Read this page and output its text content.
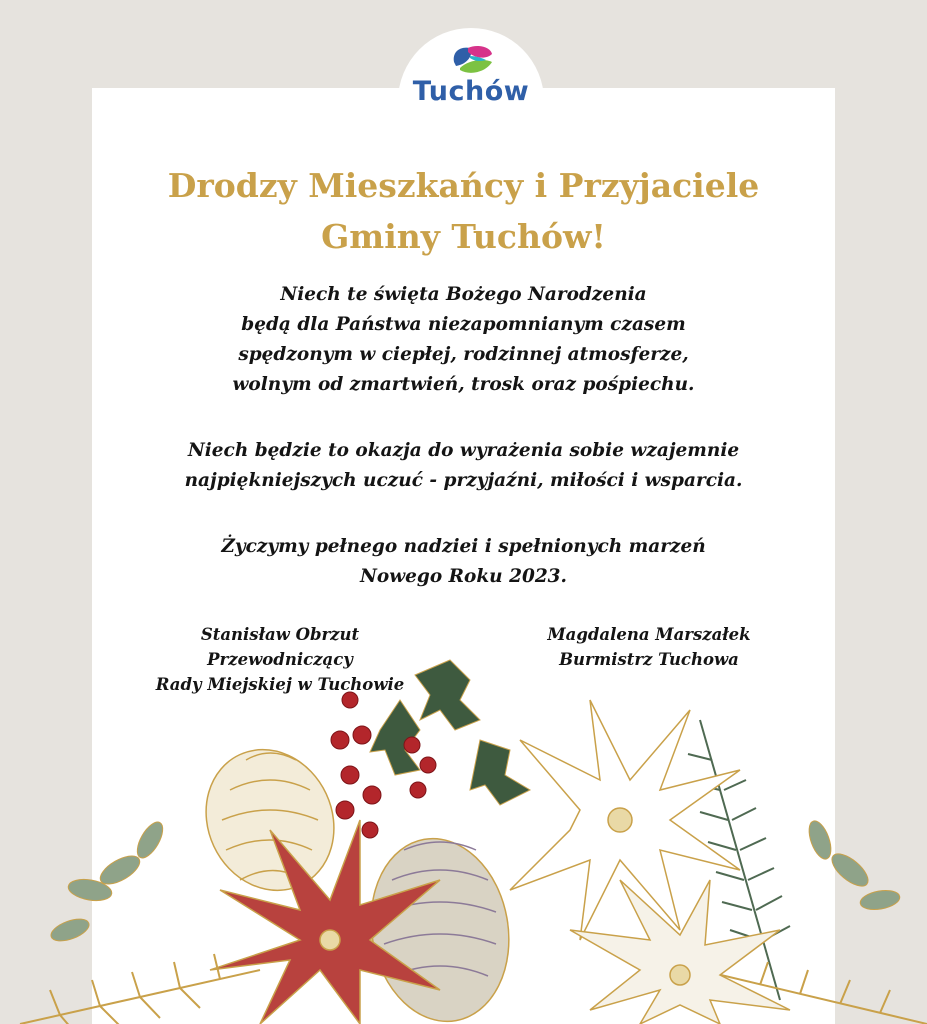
Tuchów
Drodzy Mieszkańcy i Przyjaciele
Gminy Tuchów!

Niech te święta Bożego Narodzenia
będą dla Państwa niezapomnianym czasem
spędzonym w ciepłej, rodzinnej atmosferze,
wolnym od zmartwień, trosk oraz pośpiechu.

Niech będzie to okazja do wyrażenia sobie wzajemnie
najpiękniejszych uczuć - przyjaźni, miłości i wsparcia.

Życzymy pełnego nadziei i spełnionych marzeń
Nowego Roku 2023.

Stanisław Obrzut
Przewodniczący
Rady Miejskiej w Tuchowie
Magdalena Marszałek
Burmistrz Tuchowa
